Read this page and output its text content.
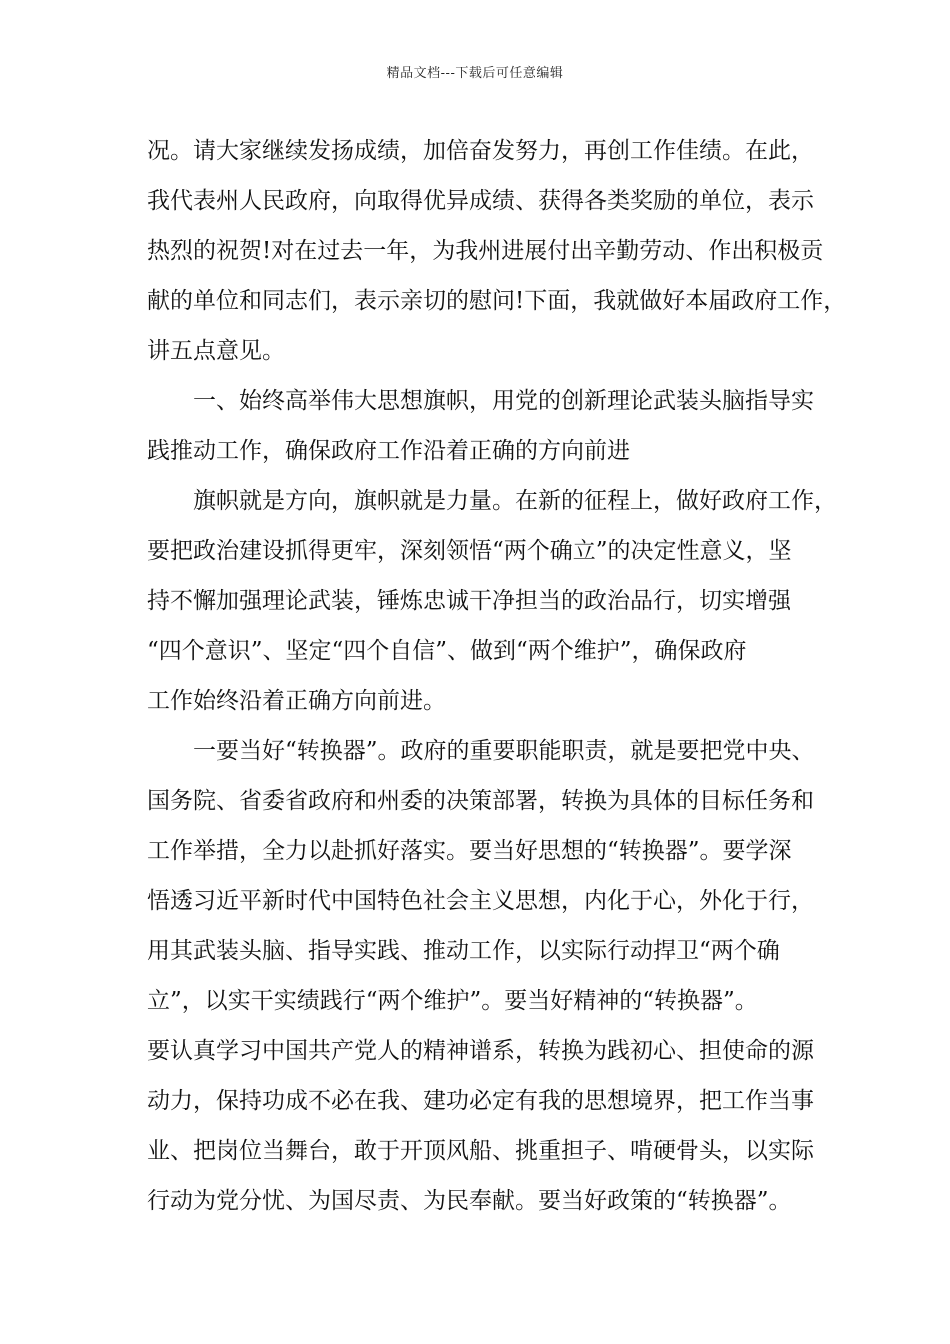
精品文档---下载后可任意编辑
况。请大家继续发扬成绩，加倍奋发努力，再创工作佳绩。在此，
我代表州人民政府，向取得优异成绩、获得各类奖励的单位，表示
热烈的祝贺!对在过去一年，为我州进展付出辛勤劳动、作出积极贡
献的单位和同志们，表示亲切的慰问!下面，我就做好本届政府工作，
讲五点意见。
一、始终高举伟大思想旗帜，用党的创新理论武装头脑指导实
践推动工作，确保政府工作沿着正确的方向前进
旗帜就是方向，旗帜就是力量。在新的征程上，做好政府工作，
要把政治建设抓得更牢，深刻领悟“两个确立”的决定性意义，坚
持不懈加强理论武装，锤炼忠诚干净担当的政治品行，切实增强
“四个意识”、坚定“四个自信”、做到“两个维护”，确保政府
工作始终沿着正确方向前进。
一要当好“转换器”。政府的重要职能职责，就是要把党中央、
国务院、省委省政府和州委的决策部署，转换为具体的目标任务和
工作举措，全力以赴抓好落实。要当好思想的“转换器”。要学深
悟透习近平新时代中国特色社会主义思想，内化于心，外化于行，
用其武装头脑、指导实践、推动工作，以实际行动捍卫“两个确
立”，以实干实绩践行“两个维护”。要当好精神的“转换器”。
要认真学习中国共产党人的精神谱系，转换为践初心、担使命的源
动力，保持功成不必在我、建功必定有我的思想境界，把工作当事
业、把岗位当舞台，敢于开顶风船、挑重担子、啃硬骨头，以实际
行动为党分忧、为国尽责、为民奉献。要当好政策的“转换器”。
